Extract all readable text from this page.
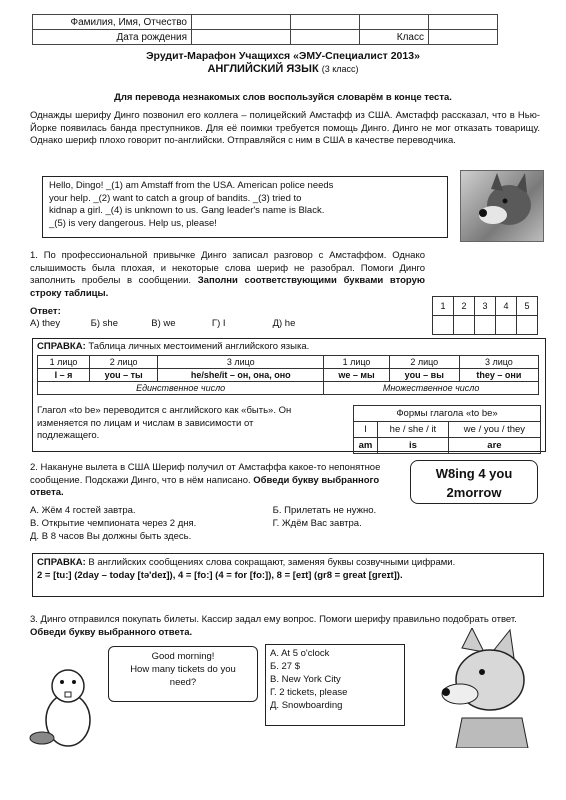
Фамилия, Имя, Отчество				
Дата рождения			Класс	
Эрудит-Марафон Учащихся «ЭМУ-Специалист 2013»
АНГЛИЙСКИЙ ЯЗЫК (3 класс)
Для перевода незнакомых слов воспользуйся словарём в конце теста.
Однажды шерифу Динго позвонил его коллега – полицейский Амстафф из США. Амстафф рассказал, что в Нью-Йорке появилась банда преступников. Для её поимки требуется помощь Динго. Динго не мог отказать товарищу. Однако шериф плохо говорит по-английски. Отправляйся с ним в США в качестве переводчика.
Hello, Dingo! _(1) am Amstaff from the USA. American police needs
your help. _(2) want to catch a group of bandits. _(3) tried to
kidnap a girl. _(4) is unknown to us. Gang leader's name is Black.
_(5) is very dangerous. Help us, please!
1. По профессиональной привычке Динго записал разговор с Амстаффом. Однако слышимость была плохая, и некоторые слова шериф не разобрал. Помоги Динго заполнить пробелы в сообщении. Заполни соответствующими буквами вторую строку таблицы.
Ответ:	1	2	3	4	5

А) they	Б) she	В) we	Г) I	Д) he
СПРАВКА: Таблица личных местоимений английского языка.
1 лицо	2 лицо	3 лицо	1 лицо	2 лицо	3 лицо
I – я	you – ты	he/she/it – он, она, оно	we – мы	you – вы	they – они
Единственное число			Множественное число		
Глагол «to be» переводится с английского как «быть». Он изменяется по лицам и числам в зависимости от подлежащего.
Формы глагола «to be»		
I	he / she / it	we / you / they
am	is	are
2. Накануне вылета в США Шериф получил от Амстаффа какое-то непонятное сообщение. Подскажи Динго, что в нём написано. Обведи букву выбранного ответа.
W8ing 4 you
2morrow
А. Жём 4 гостей завтра.	Б. Прилетать не нужно.
В. Открытие чемпионата через 2 дня.	Г. Ждём Вас завтра.
Д. В 8 часов Вы должны быть здесь.
СПРАВКА: В английских сообщениях слова сокращают, заменяя буквы созвучными цифрами.
2 = [tu:] (2day – today [tə'deɪ]), 4 = [fo:] (4 = for [fo:]), 8 = [eɪt] (gr8 = great [greɪt]).
3. Динго отправился покупать билеты. Кассир задал ему вопрос. Помоги шерифу правильно подобрать ответ. Обведи букву выбранного ответа.
Good morning!
How many tickets do you
need?
A. At 5 o'clock
Б. 27 $
В. New York City
Г. 2 tickets, please
Д. Snowboarding
